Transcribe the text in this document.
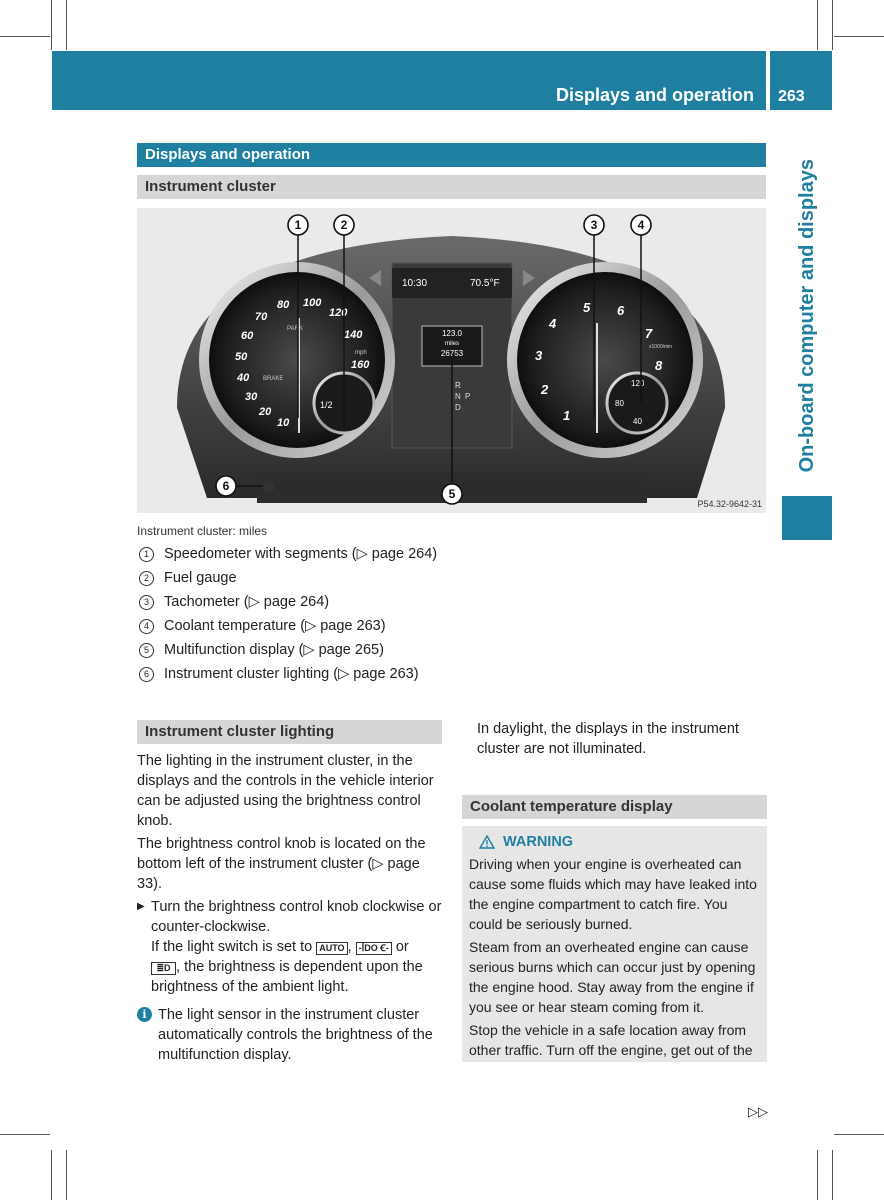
Displays and operation 263
On-board computer and displays
Displays and operation
Instrument cluster
10:30	70.5°F
123.0
miles
26753
R
N P
D
10
20
30
40
50
60
70
80 100
120
140
160
PARK
BRAKE
mph
1/2
1
2
3
4
5 6
7
8
x1000/min
80
120
40
1	2	3	4
5
6
P54.32-9642-31
Instrument cluster: miles
1	Speedometer with segments (▷ page 264)
2	Fuel gauge
3	Tachometer (▷ page 264)
4	Coolant temperature (▷ page 263)
5	Multifunction display (▷ page 265)
6	Instrument cluster lighting (▷ page 263)
Instrument cluster lighting

The lighting in the instrument cluster, in the displays and the controls in the vehicle interior can be adjusted using the brightness control knob.

The brightness control knob is located on the bottom left of the instrument cluster (▷ page 33).

▶ Turn the brightness control knob clockwise or counter-clockwise.
If the light switch is set to AUTO , -ꟾDO Ꞓ- or
≣D , the brightness is dependent upon the brightness of the ambient light.
i The light sensor in the instrument cluster automatically controls the brightness of the multifunction display.
In daylight, the displays in the instrument cluster are not illuminated.
Coolant temperature display
WARNING

Driving when your engine is overheated can cause some fluids which may have leaked into the engine compartment to catch fire. You could be seriously burned.

Steam from an overheated engine can cause serious burns which can occur just by opening the engine hood. Stay away from the engine if you see or hear steam coming from it.

Stop the vehicle in a safe location away from other traffic. Turn off the engine, get out of the

▷▷
